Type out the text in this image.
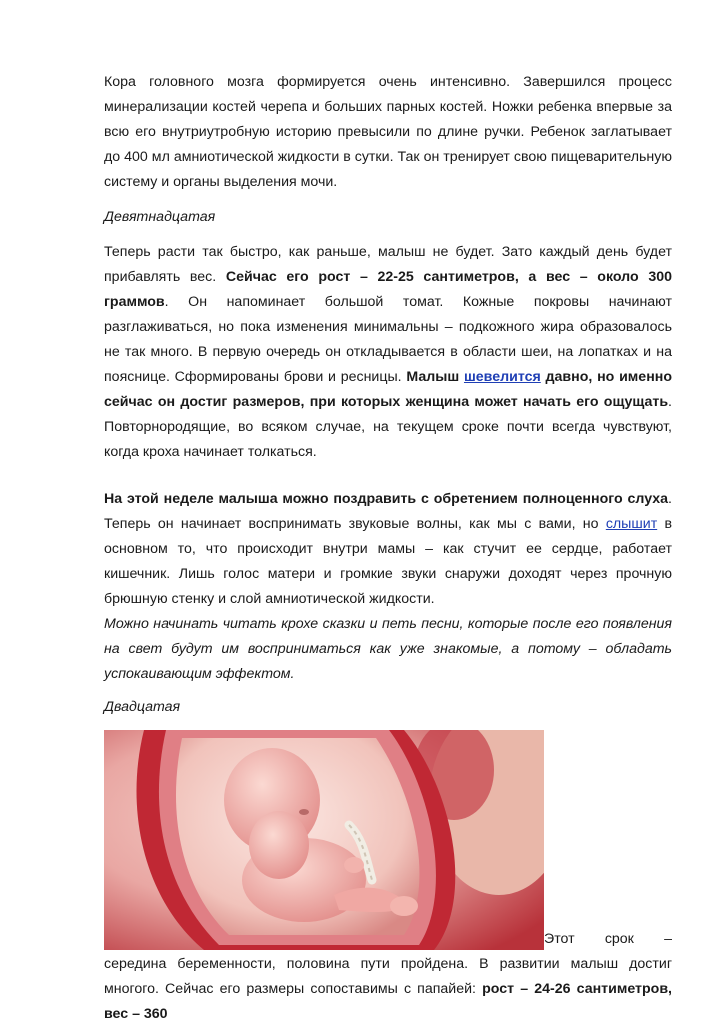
Кора головного мозга формируется очень интенсивно. Завершился процесс минерализации костей черепа и больших парных костей. Ножки ребенка впервые за всю его внутриутробную историю превысили по длине ручки. Ребенок заглатывает до 400 мл амниотической жидкости в сутки. Так он тренирует свою пищеварительную систему и органы выделения мочи.

Девятнадцатая

Теперь расти так быстро, как раньше, малыш не будет. Зато каждый день будет прибавлять вес. Сейчас его рост – 22-25 сантиметров, а вес – около 300 граммов. Он напоминает большой томат. Кожные покровы начинают разглаживаться, но пока изменения минимальны – подкожного жира образовалось не так много. В первую очередь он откладывается в области шеи, на лопатках и на пояснице. Сформированы брови и ресницы. Малыш шевелится давно, но именно сейчас он достиг размеров, при которых женщина может начать его ощущать. Повторнородящие, во всяком случае, на текущем сроке почти всегда чувствуют, когда кроха начинает толкаться.

На этой неделе малыша можно поздравить с обретением полноценного слуха. Теперь он начинает воспринимать звуковые волны, как мы с вами, но слышит в основном то, что происходит внутри мамы – как стучит ее сердце, работает кишечник. Лишь голос матери и громкие звуки снаружи доходят через прочную брюшную стенку и слой амниотической жидкости.

Можно начинать читать крохе сказки и петь песни, которые после его появления на свет будут им восприниматься как уже знакомые, а потому – обладать успокаивающим эффектом.

Двадцатая

Этот срок –

середина беременности, половина пути пройдена. В развитии малыш достиг многого. Сейчас его размеры сопоставимы с папайей: рост – 24-26 сантиметров, вес – 360
